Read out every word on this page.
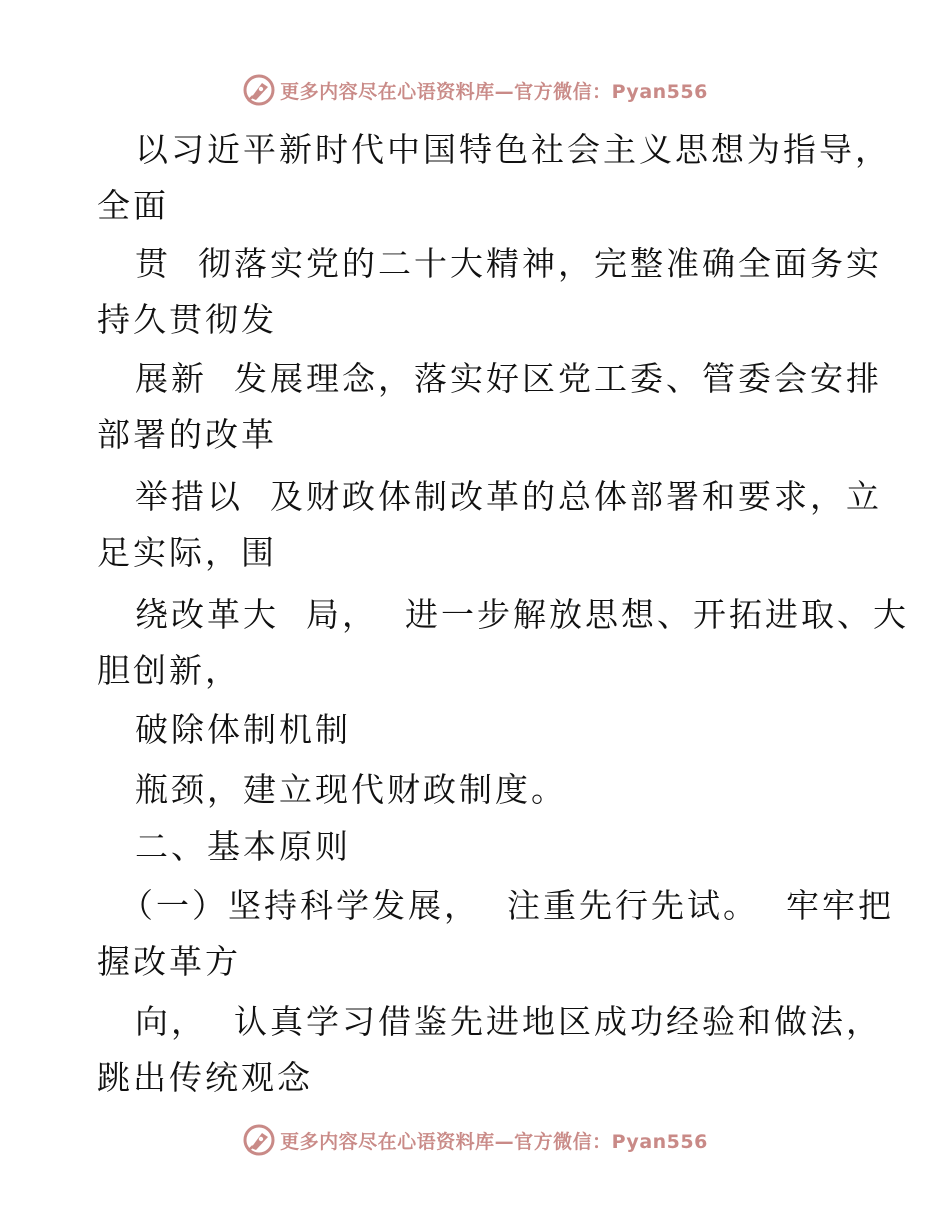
更多内容尽在心语资料库—官方微信：Pyan556
以习近平新时代中国特色社会主义思想为指导，
全面
贯  彻落实党的二十大精神，完整准确全面务实
持久贯彻发
展新  发展理念，落实好区党工委、管委会安排
部署的改革
举措以  及财政体制改革的总体部署和要求，立
足实际，围
绕改革大  局，  进一步解放思想、开拓进取、大
胆创新，
破除体制机制
瓶颈，建立现代财政制度。
二、基本原则
（一）坚持科学发展，  注重先行先试。  牢牢把
握改革方
向，  认真学习借鉴先进地区成功经验和做法，
跳出传统观念
更多内容尽在心语资料库—官方微信：Pyan556
